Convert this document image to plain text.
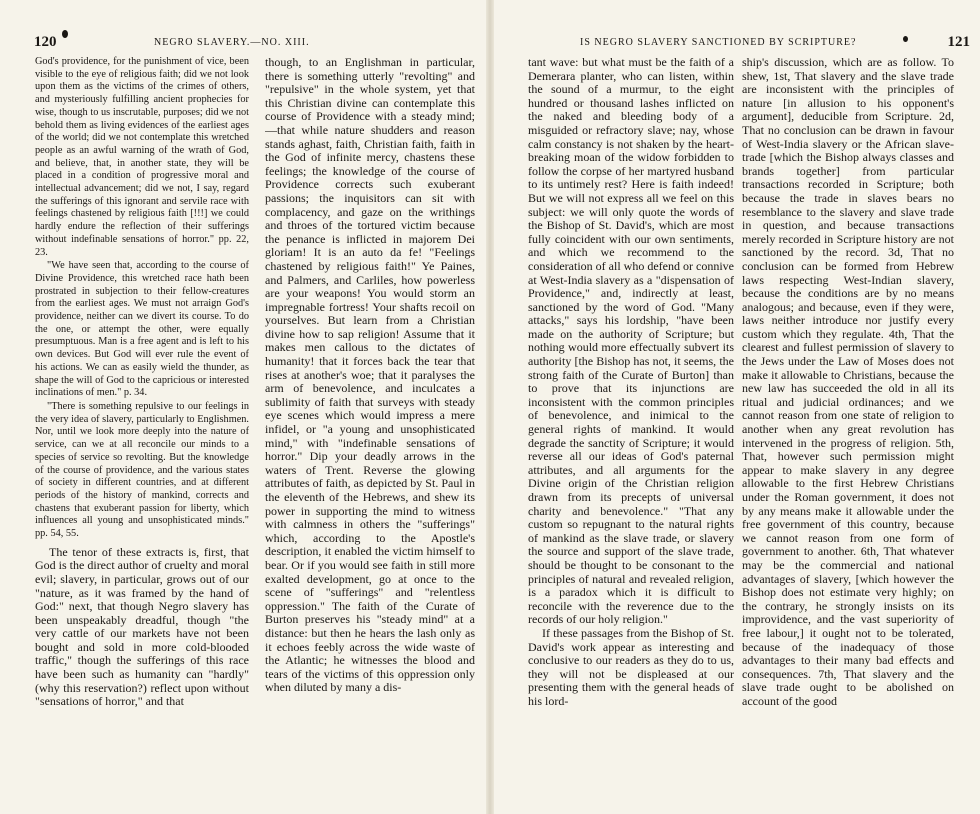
120	NEGRO SLAVERY.—NO. XIII.

God's providence, for the punishment of vice, been visible to the eye of religious faith; did we not look upon them as the victims of the crimes of others, and mysteriously fulfilling ancient prophecies for wise, though to us inscrutable, purposes; did we not behold them as living evidences of the earliest ages of the world; did we not contemplate this wretched people as an awful warning of the wrath of God, and believe, that, in another state, they will be placed in a condition of progressive moral and intellectual advancement; did we not, I say, regard the sufferings of this ignorant and servile race with feelings chastened by religious faith [!!!] we could hardly endure the reflection of their sufferings without indefinable sensations of horror." pp. 22, 23.

"We have seen that, according to the course of Divine Providence, this wretched race hath been prostrated in subjection to their fellow-creatures from the earliest ages. We must not arraign God's providence, neither can we divert its course. To do the one, or attempt the other, were equally presumptuous. Man is a free agent and is left to his own devices. But God will ever rule the event of his actions. We can as easily wield the thunder, as shape the will of God to the capricious or interested inclinations of men." p. 34.

"There is something repulsive to our feelings in the very idea of slavery, particularly to Englishmen. Nor, until we look more deeply into the nature of service, can we at all reconcile our minds to a species of service so revolting. But the knowledge of the course of providence, and the various states of society in different countries, and at different periods of the history of mankind, corrects and chastens that exuberant passion for liberty, which influences all young and unsophisticated minds." pp. 54, 55.

The tenor of these extracts is, first, that God is the direct author of cruelty and moral evil; slavery, in particular, grows out of our "nature, as it was framed by the hand of God:" next, that though Negro slavery has been unspeakably dreadful, though "the very cattle of our markets have not been bought and sold in more cold-blooded traffic," though the sufferings of this race have been such as humanity can "hardly" (why this reservation?) reflect upon without "sensations of horror," and that

though, to an Englishman in particular, there is something utterly "revolting" and "repulsive" in the whole system, yet that this Christian divine can contemplate this course of Providence with a steady mind; —that while nature shudders and reason stands aghast, faith, Christian faith, faith in the God of infinite mercy, chastens these feelings; the knowledge of the course of Providence corrects such exuberant passions; the inquisitors can sit with complacency, and gaze on the writhings and throes of the tortured victim because the penance is inflicted in majorem Dei gloriam! It is an auto da fe! "Feelings chastened by religious faith!" Ye Paines, and Palmers, and Carliles, how powerless are your weapons! You would storm an impregnable fortress! Your shafts recoil on yourselves. But learn from a Christian divine how to sap religion! Assume that it makes men callous to the dictates of humanity! that it forces back the tear that rises at another's woe; that it paralyses the arm of benevolence, and inculcates a sublimity of faith that surveys with steady eye scenes which would impress a mere infidel, or "a young and unsophisticated mind," with "indefinable sensations of horror." Dip your deadly arrows in the waters of Trent. Reverse the glowing attributes of faith, as depicted by St. Paul in the eleventh of the Hebrews, and shew its power in supporting the mind to witness with calmness in others the "sufferings" which, according to the Apostle's description, it enabled the victim himself to bear. Or if you would see faith in still more exalted development, go at once to the scene of "sufferings" and "relentless oppression." The faith of the Curate of Burton preserves his "steady mind" at a distance: but then he hears the lash only as it echoes feebly across the wide waste of the Atlantic; he witnesses the blood and tears of the victims of this oppression only when diluted by many a dis-

IS NEGRO SLAVERY SANCTIONED BY SCRIPTURE?	121

tant wave: but what must be the faith of a Demerara planter, who can listen, within the sound of a murmur, to the eight hundred or thousand lashes inflicted on the naked and bleeding body of a misguided or refractory slave; nay, whose calm constancy is not shaken by the heart-breaking moan of the widow forbidden to follow the corpse of her martyred husband to its untimely rest? Here is faith indeed! But we will not express all we feel on this subject: we will only quote the words of the Bishop of St. David's, which are most fully coincident with our own sentiments, and which we recommend to the consideration of all who defend or connive at West-India slavery as a "dispensation of Providence," and, indirectly at least, sanctioned by the word of God. "Many attacks," says his lordship, "have been made on the authority of Scripture; but nothing would more effectually subvert its authority [the Bishop has not, it seems, the strong faith of the Curate of Burton] than to prove that its injunctions are inconsistent with the common principles of benevolence, and inimical to the general rights of mankind. It would degrade the sanctity of Scripture; it would reverse all our ideas of God's paternal attributes, and all arguments for the Divine origin of the Christian religion drawn from its precepts of universal charity and benevolence." "That any custom so repugnant to the natural rights of mankind as the slave trade, or slavery the source and support of the slave trade, should be thought to be consonant to the principles of natural and revealed religion, is a paradox which it is difficult to reconcile with the reverence due to the records of our holy religion."

If these passages from the Bishop of St. David's work appear as interesting and conclusive to our readers as they do to us, they will not be displeased at our presenting them with the general heads of his lord-

ship's discussion, which are as follow. To shew, 1st, That slavery and the slave trade are inconsistent with the principles of nature [in allusion to his opponent's argument], deducible from Scripture. 2d, That no conclusion can be drawn in favour of West-India slavery or the African slave-trade [which the Bishop always classes and brands together] from particular transactions recorded in Scripture; both because the trade in slaves bears no resemblance to the slavery and slave trade in question, and because transactions merely recorded in Scripture history are not sanctioned by the record. 3d, That no conclusion can be formed from Hebrew laws respecting West-Indian slavery, because the conditions are by no means analogous; and because, even if they were, laws neither introduce nor justify every custom which they regulate. 4th, That the clearest and fullest permission of slavery to the Jews under the Law of Moses does not make it allowable to Christians, because the new law has succeeded the old in all its ritual and judicial ordinances; and we cannot reason from one state of religion to another when any great revolution has intervened in the progress of religion. 5th, That, however such permission might appear to make slavery in any degree allowable to the first Hebrew Christians under the Roman government, it does not by any means make it allowable under the free government of this country, because we cannot reason from one form of government to another. 6th, That whatever may be the commercial and national advantages of slavery, [which however the Bishop does not estimate very highly; on the contrary, he strongly insists on its improvidence, and the vast superiority of free labour,] it ought not to be tolerated, because of the inadequacy of those advantages to their many bad effects and consequences. 7th, That slavery and the slave trade ought to be abolished on account of the good
